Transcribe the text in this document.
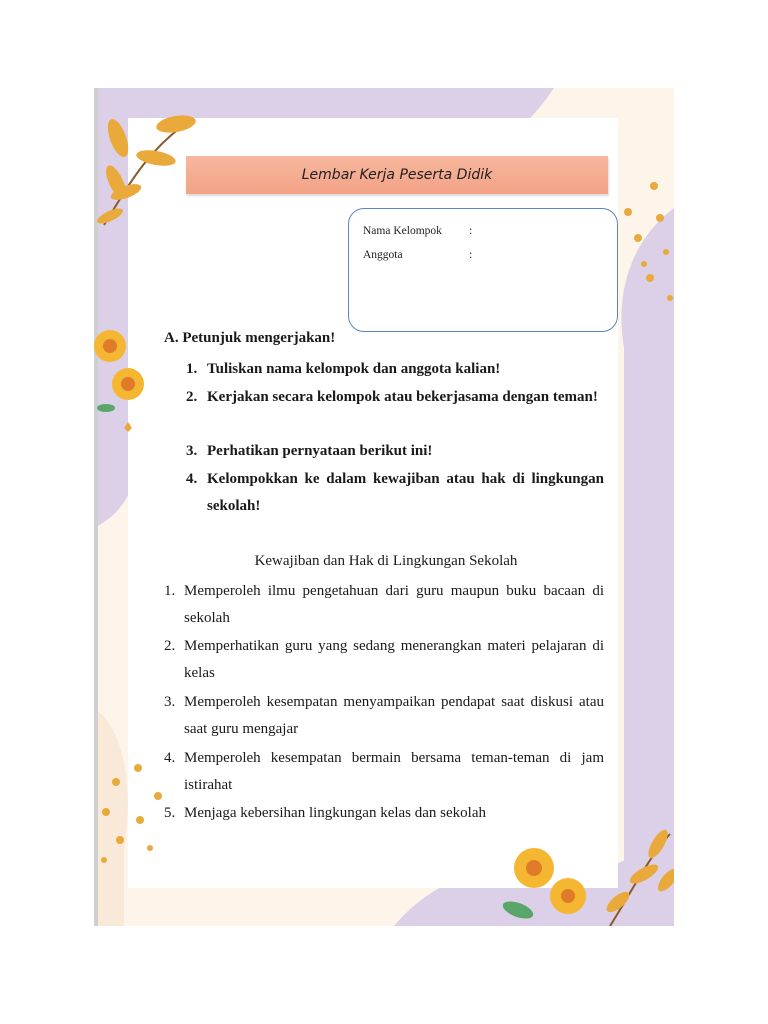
Lembar Kerja Peserta Didik
Nama Kelompok :
Anggota	:
A. Petunjuk mengerjakan!
1. Tuliskan nama kelompok dan anggota kalian!
2. Kerjakan secara kelompok atau bekerjasama dengan teman!
3. Perhatikan pernyataan berikut ini!
4. Kelompokkan ke dalam kewajiban atau hak di lingkungan sekolah!
Kewajiban dan Hak di Lingkungan Sekolah
1. Memperoleh ilmu pengetahuan dari guru maupun buku bacaan di sekolah
2. Memperhatikan guru yang sedang menerangkan materi pelajaran di kelas
3. Memperoleh kesempatan menyampaikan pendapat saat diskusi atau saat guru mengajar
4. Memperoleh kesempatan bermain bersama teman-teman di jam istirahat
5. Menjaga kebersihan lingkungan kelas dan sekolah
